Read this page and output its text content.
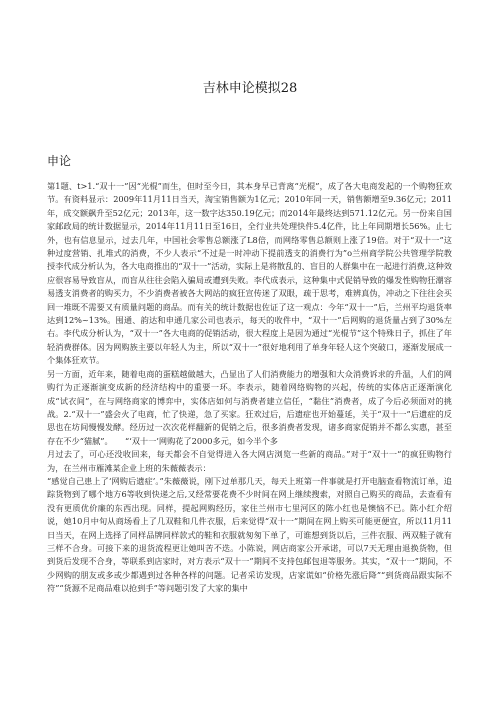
吉林申论模拟28
申论

第1题、t>1.“双十一”因“光棍”而生，但时至今日，其本身早已背离“光棍”，成了各大电商发起的一个购物狂欢节。有资料显示：2009年11月11日当天，淘宝销售额为1亿元；2010年同一天，销售额增至9.36亿元；2011年，成交额飙升至52亿元；2013年，这一数字达350.19亿元；而2014年最终达到571.12亿元。另一份来自国家邮政局的统计数据显示，2014年11月11日至16日，全行业共处理快件5.4亿件，比上年同期增长56%。止七外，也有信息显示，过去几年，中国社会零售总额涨了L8倍，而网络零售总额则上涨了19倍。对于“双十一”这种过度营销、扎堆式的消费，不少人表示“不过是一时冲动下提前透支的消费行为”o兰州商学院公共管理学院教授李代成分析认为，各大电商推出的“双十一”活动，实际上是将散乱的、盲目的人群集中在一起进行消费,这种效应很容易导致盲从，而盲从往往会陷入骗局或遭到失败。李代成表示，这种集中式促销导致的爆发性购物狂潮容易透支消费者的购买力，不少消费者被各大网站的疯狂宣传迷了双眼，疏于思考，难辨真伪，冲动之下往往会买回一堆既不需要又有质量问题的商品。而有关的统计数据也佐证了这一观点：今年“双十一”后，兰州平均退货率达到12%~13%。囤通、韵达和申通几家公司也表示，每天的收件中，“双十一”后网购的退货量占到了30%左右。李代成分析认为，“双十一”各大电商的促销活动，很大程度上是因为通过“光棍节”这个特殊日子，抓住了年轻消费群体。因为网购族主要以年轻人为主，所以“双十一”很好地利用了单身年轻人这个突破口，逐渐发展成一个集体狂欢节。

另一方面，近年来，随着电商的蛋糕越做越大，凸显出了人们消费能力的增强和大众消费诉求的升温，人们的网购行为正逐渐演变成新的经济结构中的重要一环。李表示，随着网络购物的兴起，传统的实体店正逐渐演化成“试衣间”，在与网络商家的博弈中，实体店如何与消费者建立信任，“黏住”消费者，成了今后必须面对的挑战。2.“双十一”盛会火了电商，忙了快递，急了买家。狂欢过后，后遗症也开始蔓延，关于“双十一”后遗症的反思也在坊间慢慢发酵。经历过一次次花样翻新的促销之后，很多消费者发现，诸多商家促销并不都么实惠，甚至存在不少“猫腻”。　　“‘双十一’网购花了2000多元，如今半个多

月过去了，可心还没收回来，每天都会不自觉得进入各大网店浏览一些新的商品。”对于“双十一”的疯狂购物行为，在兰州市雁滩某企业上班的朱薇薇表示：

“感觉自己患上了‘网购后遗症’。”朱薇薇说，刚下过单那几天，每天上班第一件事就是打开电脑查看物流订单，追踪货物到了哪个地方6等收到快递之后,又经常要花费不少时间在网上继续搜索，对照自己购买的商品，去查看有没有更质优价廉的东西出现。同样，提起网购经历，家住兰州市七里河区的陈小红也是懊恼不已。陈小红介绍说，她10月中旬从商场看上了几双鞋和几件衣服，后来觉得“双十一”期间在网上购买可能更便宜，所以11月11日当天，在网上选择了同样品牌同样款式的鞋和衣服就匆匆下单了，可谁想到货以后，三件衣服、两双鞋子就有三样不合身。可接下来的退货流程更让她叫苦不迭。小陈说，网店商家公开承诺，可以7天无理由退换货物，但到货后发现不合身，等联系到店家时，对方表示“双十一”期间不支持包邮包退等服务。其实，“双十一”期间，不少网购的朋友或多或少都遇到过各种各样的问题。记者采访发现，店家谎如“价格先涨后降”“到货商品跟实际不符”“货源不足商品难以抢到手”等问题引发了大家的集中
